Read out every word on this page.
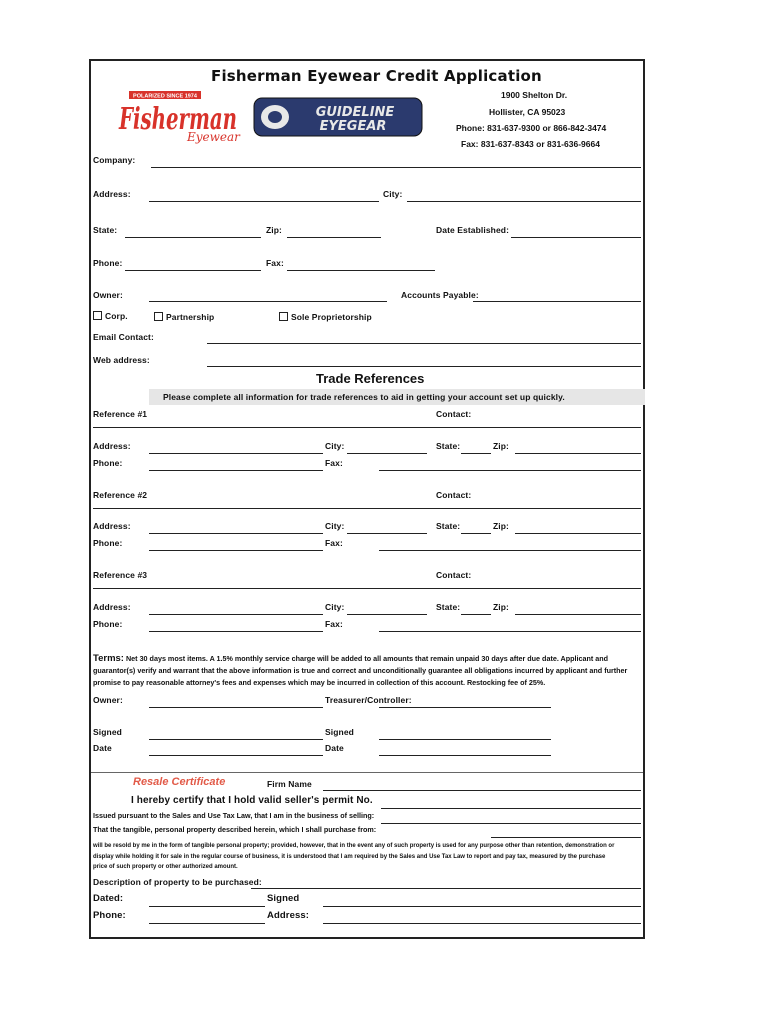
Fisherman Eyewear Credit Application
POLARIZED SINCE 1974
Fisherman
Eyewear
GUIDELINE
EYEGEAR
1900 Shelton Dr.
Hollister, CA 95023
Phone: 831-637-9300 or 866-842-3474
Fax: 831-637-8343 or 831-636-9664
Company:
Address:	City:
State:	Zip:	Date Established:
Phone:	Fax:
Owner:	Accounts Payable:
Corp.	Partnership	Sole Proprietorship
Email Contact:
Web address:
Trade References
Please complete all information for trade references to aid in getting your account set up quickly.
Reference #1	Contact:
Address:	City:	State:	Zip:
Phone:	Fax:
Reference #2	Contact:
Address:	City:	State:	Zip:
Phone:	Fax:
Reference #3	Contact:
Address:	City:	State:	Zip:
Phone:	Fax:
Terms: Net 30 days most items. A 1.5% monthly service charge will be added to all amounts that remain unpaid 30 days after due date. Applicant and
guarantor(s) verify and warrant that the above information is true and correct and unconditionally guarantee all obligations incurred by applicant and further
promise to pay reasonable attorney's fees and expenses which may be incurred in collection of this account. Restocking fee of 25%.
Owner:	Treasurer/Controller:
Signed	Signed
Date	Date
Resale Certificate	Firm Name
I hereby certify that I hold valid seller's permit No.
Issued pursuant to the Sales and Use Tax Law, that I am in the business of selling:
That the tangible, personal property described herein, which I shall purchase from:
will be resold by me in the form of tangible personal property; provided, however, that in the event any of such property is used for any purpose other than retention, demonstration or
display while holding it for sale in the regular course of business, it is understood that I am required by the Sales and Use Tax Law to report and pay tax, measured by the purchase
price of such property or other authorized amount.
Description of property to be purchased:
Dated:	Signed
Phone:	Address:
